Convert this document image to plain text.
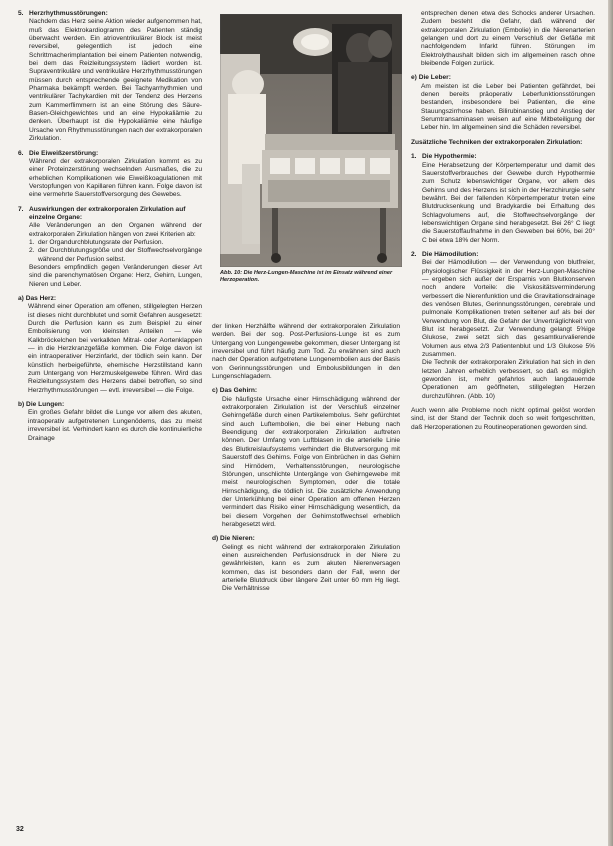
5. Herzrhythmusstörungen:

Nachdem das Herz seine Aktion wieder aufgenommen hat, muß das Elektrokardiogramm des Patienten ständig überwacht werden. Ein atrioventrikulärer Block ist meist reversibel, gelegentlich ist jedoch eine Schrittmacherimplantation bei einem Patienten notwendig, bei dem das Reizleitungssystem lädiert worden ist. Supraventrikuläre und ventrikuläre Herzrhythmusstörungen müssen durch entsprechende geeignete Medikation von Pharmaka bekämpft werden. Bei Tachyarrhythmien und ventrikulärer Tachykardien mit der Tendenz des Herzens zum Kammerflimmern ist an eine Störung des Säure-Basen-Gleichgewichtes und an eine Hypokaliämie zu denken. Überhaupt ist die Hypokaliämie eine häufige Ursache von Rhythmusstörungen nach der extrakorporalen Zirkulation.

6. Die Eiweißzerstörung:

Während der extrakorporalen Zirkulation kommt es zu einer Proteinzerstörung wechselnden Ausmaßes, die zu erheblichen Komplikationen wie Eiweißkoagulationen mit Verstopfungen von Kapillaren führen kann. Folge davon ist eine vermehrte Sauerstoffversorgung des Gewebes.

7. Auswirkungen der extrakorporalen Zirkulation auf einzelne Organe:

Alle Veränderungen an den Organen während der extrakorporalen Zirkulation hängen von zwei Kriterien ab:

1. der Organdurchblutungsrate der Perfusion.
2. der Durchblutungsgröße und der Stoffwechselvorgänge während der Perfusion selbst.

Besonders empfindlich gegen Veränderungen dieser Art sind die parenchymatösen Organe: Herz, Gehirn, Lungen, Nieren und Leber.

a) Das Herz:

Während einer Operation am offenen, stillgelegten Herzen ist dieses nicht durchblutet und somit Gefahren ausgesetzt: Durch die Perfusion kann es zum Beispiel zu einer Embolisierung von kleinsten Anteilen — wie Kalkbröckelchen bei verkalkten Mitral- oder Aortenklappen — in die Herzkranzgefäße kommen. Die Folge davon ist ein intraoperativer Herzinfarkt, der tödlich sein kann. Der künstlich herbeigeführte, ehemische Herzstillstand kann zum Untergang von Herzmuskelgewebe führen. Wird das Reizleitungssystem des Herzens dabei betroffen, so sind Herzrhythmusstörungen — evtl. irreversibel — die Folge.

b) Die Lungen:

Ein großes Gefahr bildet die Lunge vor allem des akuten, intraoperativ aufgetretenen Lungenödems, das zu meist irreversibel ist. Verhindert kann es durch die kontinuierliche Drainage

Abb. 10: Die Herz-Lungen-Maschine ist im Einsatz während einer Herzoperation.

der linken Herzhälfte während der extrakorporalen Zirkulation werden. Bei der sog. Post-Perfusions-Lunge ist es zum Untergang von Lungengewebe gekommen, dieser Untergang ist irreversibel und führt häufig zum Tod. Zu erwähnen sind auch nach der Operation aufgetretene Lungenembolien aus der Basis von Gerinnungsstörungen und Embolusbildungen in den Lungenschlagadern.

c) Das Gehirn:

Die häufigste Ursache einer Hirnschädigung während der extrakorporalen Zirkulation ist der Verschluß einzelner Gehirngefäße durch einen Partikelembolus. Sehr gefürchtet sind auch Luftembolien, die bei einer Hebung nach Beendigung der extrakorporalen Zirkulation auftreten können. Der Umfang von Luftblasen in die arterielle Linie des Blutkreislaufsystems verhindert die Blutversorgung mit Sauerstoff des Gehirns. Folge von Einbrüchen in das Gehirn sind Hirnödem, Verhaltensstörungen, neurologische Störungen, unschlichte Untergänge von Gehirngewebe mit meist neurologischen Symptomen, oder die totale Hirnschädigung, die tödlich ist. Die zusätzliche Anwendung der Unterkühlung bei einer Operation am offenen Herzen vermindert das Risiko einer Hirnschädigung wesentlich, da bei diesem Vorgehen der Gehirnstoffwechsel erheblich herabgesetzt wird.

d) Die Nieren:

Gelingt es nicht während der extrakorporalen Zirkulation einen ausreichenden Perfusionsdruck in der Niere zu gewährleisten, kann es zum akuten Nierenversagen kommen, das ist besonders dann der Fall, wenn der arterielle Blutdruck über längere Zeit unter 60 mm Hg liegt. Die Verhältnisse

entsprechen denen etwa des Schocks anderer Ursachen. Zudem besteht die Gefahr, daß während der extrakorporalen Zirkulation (Embolie) in die Nierenarterien gelangen und dort zu einem Verschluß der Gefäße mit nachfolgendem Infarkt führen. Störungen im Elektrolythaushalt bilden sich im allgemeinen rasch ohne bleibende Folgen zurück.

e) Die Leber:

Am meisten ist die Leber bei Patienten gefährdet, bei denen bereits präoperativ Leberfunktionsstörungen bestanden, insbesondere bei Patienten, die eine Stauungszirrhose haben. Bilirubinanstieg und Anstieg der Serumtransaminasen weisen auf eine Mitbeteiligung der Leber hin. Im allgemeinen sind die Schäden reversibel.

Zusätzliche Techniken der extrakorporalen Zirkulation:

1. Die Hypothermie:

Eine Herabsetzung der Körpertemperatur und damit des Sauerstoffverbrauches der Gewebe durch Hypothermie zum Schutz lebenswichtiger Organe, vor allem des Gehirns und des Herzens ist sich in der Herzchirurgie sehr bewährt. Bei der fallenden Körpertemperatur treten eine Blutdrucksenkung und Bradykardie bei Erhaltung des Schlagvolumens auf, die Stoffwechselvorgänge der lebenswichtigen Organe sind herabgesetzt. Bei 26° C liegt die Sauerstoffaufnahme in den Geweben bei 60%, bei 20° C bei etwa 18% der Norm.

2. Die Hämodilution:

Bei der Hämodilution — der Verwendung von blutfreier, physiologischer Flüssigkeit in der Herz-Lungen-Maschine — ergeben sich außer der Ersparnis von Blutkonserven noch andere Vorteile: die Viskositätsverminderung verbessert die Nierenfunktion und die Gravitationsdrainage des venösen Blutes, Gerinnungsstörungen, cerebrale und pulmonale Komplikationen treten seltener auf als bei der Verwendung von Blut, die Gefahr der Unverträglichkeit von Blut ist herabgesetzt. Zur Verwendung gelangt 5%ige Glukose, zwei setzt sich das gesamtkurvalierende Volumen aus etwa 2/3 Patientenblut und 1/3 Glukose 5% zusammen.

Die Technik der extrakorporalen Zirkulation hat sich in den letzten Jahren erheblich verbessert, so daß es möglich geworden ist, mehr gefahrlos auch langdauernde Operationen am geöffneten, stillgelegten Herzen durchzuführen. (Abb. 10)

Auch wenn alle Probleme noch nicht optimal gelöst worden sind, ist der Stand der Technik doch so weit fortgeschritten, daß Herzoperationen zu Routineoperationen geworden sind.

32
